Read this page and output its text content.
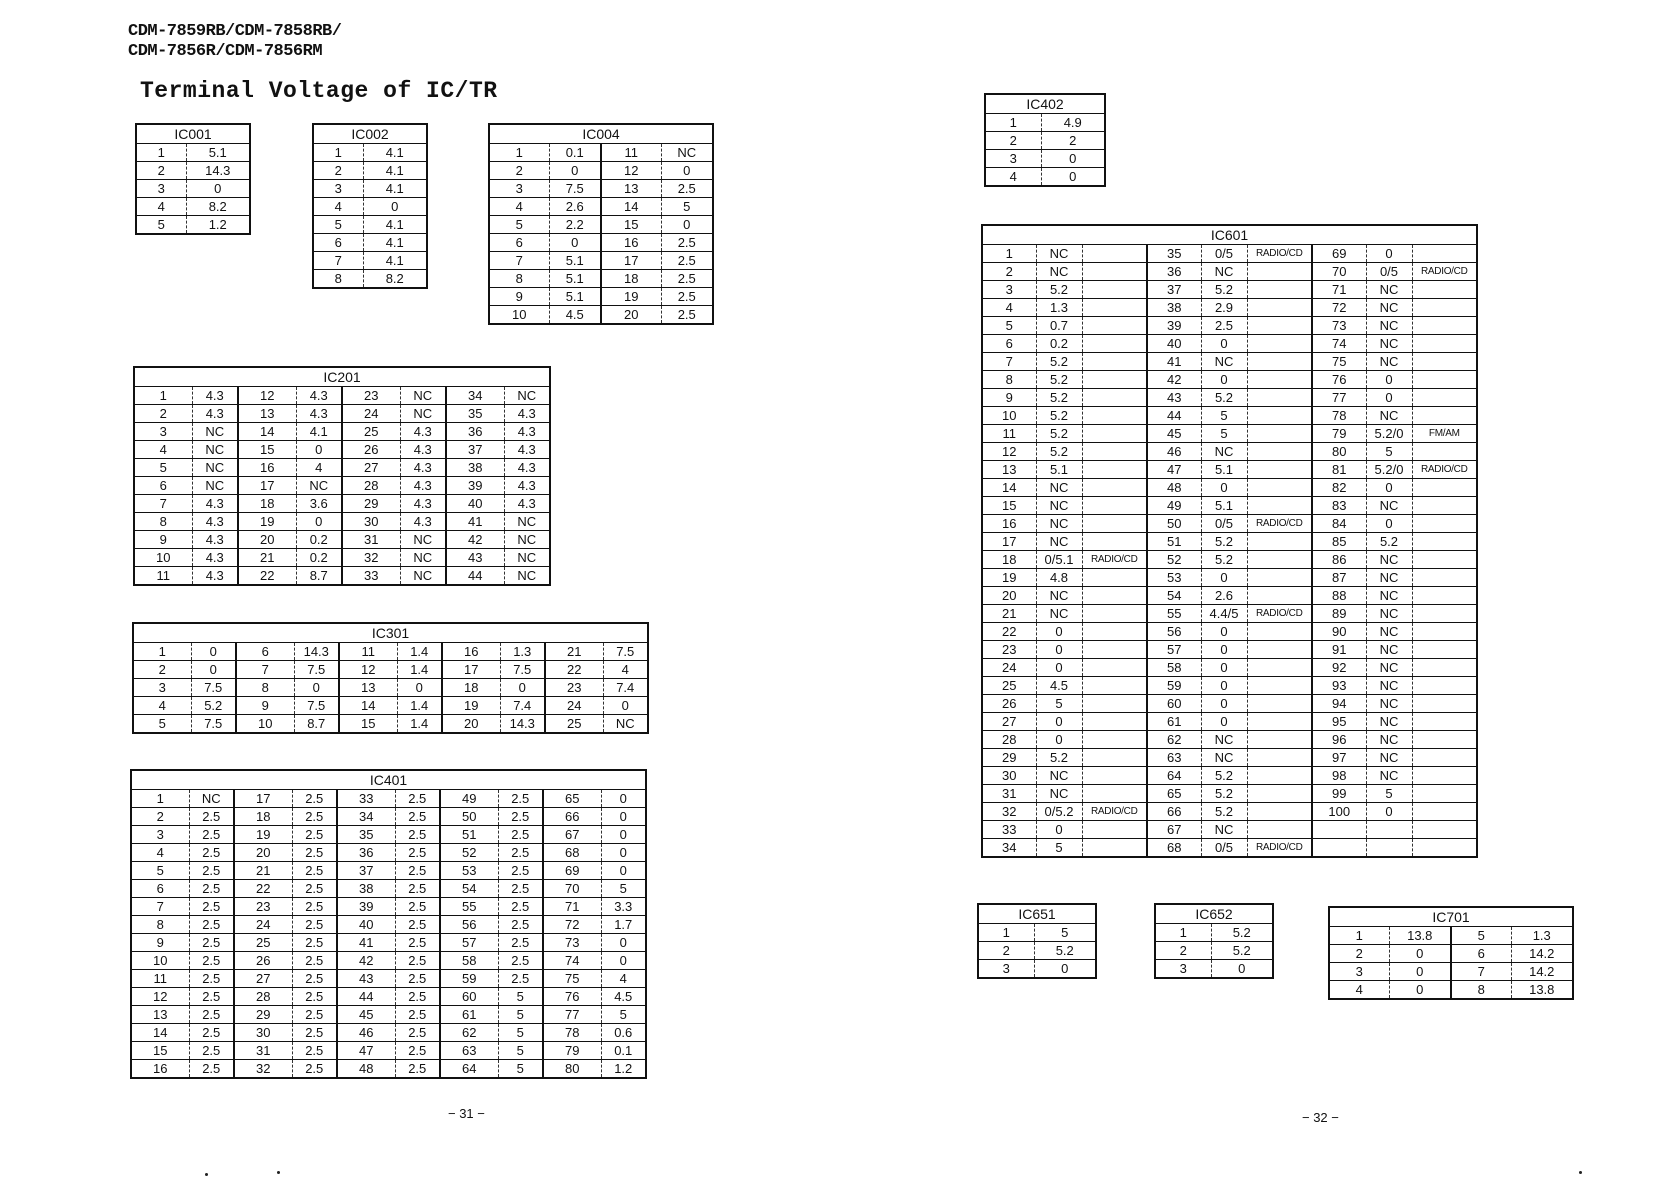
CDM-7859RB/CDM-7858RB/
CDM-7856R/CDM-7856RM
Terminal Voltage of IC/TR
IC001	
1	5.1
2	14.3
3	0
4	8.2
5	1.2
IC002	
1	4.1
2	4.1
3	4.1
4	0
5	4.1
6	4.1
7	4.1
8	8.2
IC004			
1	0.1	11	NC
2	0	12	0
3	7.5	13	2.5
4	2.6	14	5
5	2.2	15	0
6	0	16	2.5
7	5.1	17	2.5
8	5.1	18	2.5
9	5.1	19	2.5
10	4.5	20	2.5
IC201							
1	4.3	12	4.3	23	NC	34	NC
2	4.3	13	4.3	24	NC	35	4.3
3	NC	14	4.1	25	4.3	36	4.3
4	NC	15	0	26	4.3	37	4.3
5	NC	16	4	27	4.3	38	4.3
6	NC	17	NC	28	4.3	39	4.3
7	4.3	18	3.6	29	4.3	40	4.3
8	4.3	19	0	30	4.3	41	NC
9	4.3	20	0.2	31	NC	42	NC
10	4.3	21	0.2	32	NC	43	NC
11	4.3	22	8.7	33	NC	44	NC
IC301									
1	0	6	14.3	11	1.4	16	1.3	21	7.5
2	0	7	7.5	12	1.4	17	7.5	22	4
3	7.5	8	0	13	0	18	0	23	7.4
4	5.2	9	7.5	14	1.4	19	7.4	24	0
5	7.5	10	8.7	15	1.4	20	14.3	25	NC
IC401									
1	NC	17	2.5	33	2.5	49	2.5	65	0
2	2.5	18	2.5	34	2.5	50	2.5	66	0
3	2.5	19	2.5	35	2.5	51	2.5	67	0
4	2.5	20	2.5	36	2.5	52	2.5	68	0
5	2.5	21	2.5	37	2.5	53	2.5	69	0
6	2.5	22	2.5	38	2.5	54	2.5	70	5
7	2.5	23	2.5	39	2.5	55	2.5	71	3.3
8	2.5	24	2.5	40	2.5	56	2.5	72	1.7
9	2.5	25	2.5	41	2.5	57	2.5	73	0
10	2.5	26	2.5	42	2.5	58	2.5	74	0
11	2.5	27	2.5	43	2.5	59	2.5	75	4
12	2.5	28	2.5	44	2.5	60	5	76	4.5
13	2.5	29	2.5	45	2.5	61	5	77	5
14	2.5	30	2.5	46	2.5	62	5	78	0.6
15	2.5	31	2.5	47	2.5	63	5	79	0.1
16	2.5	32	2.5	48	2.5	64	5	80	1.2
IC402	
1	4.9
2	2
3	0
4	0
IC601								
1	NC		35	0/5	RADIO/CD	69	0	
2	NC		36	NC		70	0/5	RADIO/CD
3	5.2		37	5.2		71	NC	
4	1.3		38	2.9		72	NC	
5	0.7		39	2.5		73	NC	
6	0.2		40	0		74	NC	
7	5.2		41	NC		75	NC	
8	5.2		42	0		76	0	
9	5.2		43	5.2		77	0	
10	5.2		44	5		78	NC	
11	5.2		45	5		79	5.2/0	FM/AM
12	5.2		46	NC		80	5	
13	5.1		47	5.1		81	5.2/0	RADIO/CD
14	NC		48	0		82	0	
15	NC		49	5.1		83	NC	
16	NC		50	0/5	RADIO/CD	84	0	
17	NC		51	5.2		85	5.2	
18	0/5.1	RADIO/CD	52	5.2		86	NC	
19	4.8		53	0		87	NC	
20	NC		54	2.6		88	NC	
21	NC		55	4.4/5	RADIO/CD	89	NC	
22	0		56	0		90	NC	
23	0		57	0		91	NC	
24	0		58	0		92	NC	
25	4.5		59	0		93	NC	
26	5		60	0		94	NC	
27	0		61	0		95	NC	
28	0		62	NC		96	NC	
29	5.2		63	NC		97	NC	
30	NC		64	5.2		98	NC	
31	NC		65	5.2		99	5	
32	0/5.2	RADIO/CD	66	5.2		100	0	
33	0		67	NC				
34	5		68	0/5	RADIO/CD			
IC651	
1	5
2	5.2
3	0
IC652	
1	5.2
2	5.2
3	0
IC701			
1	13.8	5	1.3
2	0	6	14.2
3	0	7	14.2
4	0	8	13.8
− 31 −	− 32 −
